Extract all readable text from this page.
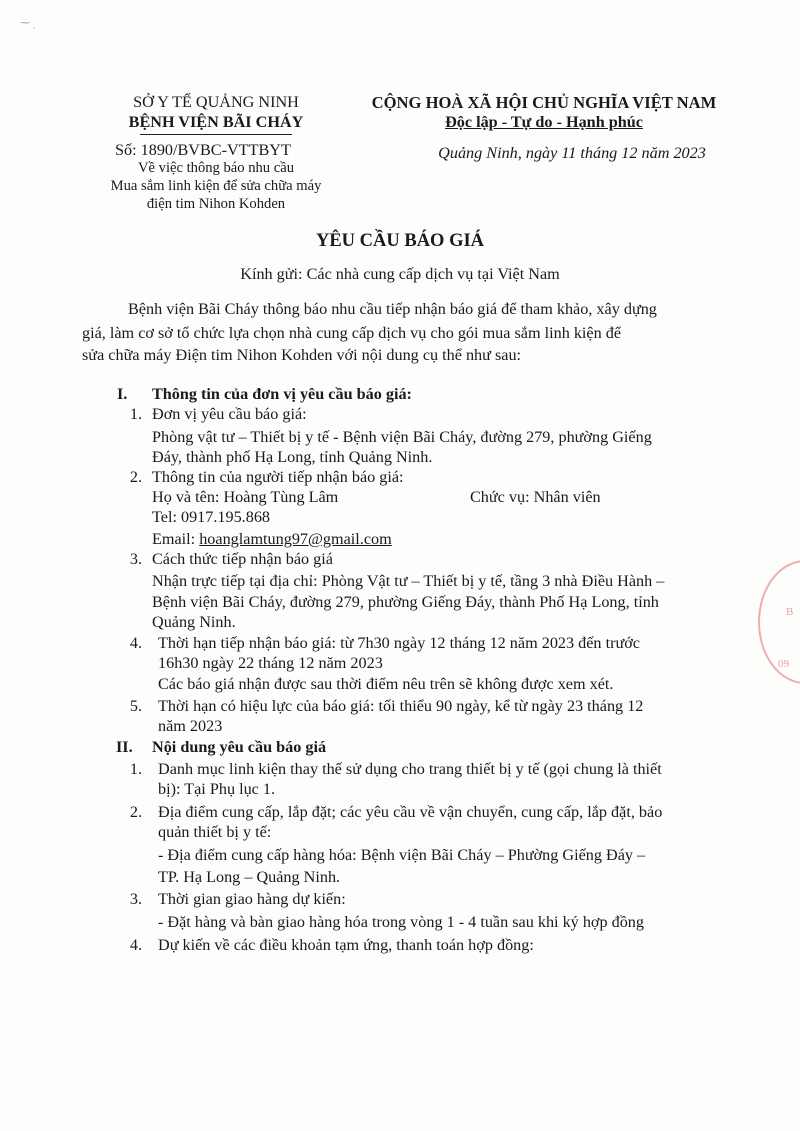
⁓ ˎ
B
09
SỞ Y TẾ QUẢNG NINH
BỆNH VIỆN BÃI CHÁY
Số: 1890/BVBC-VTTBYT
Về việc thông báo nhu cầu
Mua sắm linh kiện để sửa chữa máy
điện tim Nihon Kohden
CỘNG HOÀ XÃ HỘI CHỦ NGHĨA VIỆT NAM
Độc lập - Tự do - Hạnh phúc
Quảng Ninh, ngày 11 tháng 12 năm 2023
YÊU CẦU BÁO GIÁ
Kính gửi: Các nhà cung cấp dịch vụ tại Việt Nam
Bệnh viện Bãi Cháy thông báo nhu cầu tiếp nhận báo giá để tham khảo, xây dựng
giá, làm cơ sở tổ chức lựa chọn nhà cung cấp dịch vụ cho gói mua sắm linh kiện để
sửa chữa máy Điện tim Nihon Kohden với nội dung cụ thể như sau:
I. Thông tin của đơn vị yêu cầu báo giá:
1. Đơn vị yêu cầu báo giá:
Phòng vật tư – Thiết bị y tế - Bệnh viện Bãi Cháy, đường 279, phường Giếng
Đáy, thành phố Hạ Long, tỉnh Quảng Ninh.
2. Thông tin của người tiếp nhận báo giá:
Họ và tên: Hoàng Tùng Lâm	Chức vụ: Nhân viên
Tel: 0917.195.868
Email: hoanglamtung97@gmail.com
3. Cách thức tiếp nhận báo giá
Nhận trực tiếp tại địa chỉ: Phòng Vật tư – Thiết bị y tế, tầng 3 nhà Điều Hành –
Bệnh viện Bãi Cháy, đường 279, phường Giếng Đáy, thành Phố Hạ Long, tỉnh
Quảng Ninh.
4. Thời hạn tiếp nhận báo giá: từ 7h30 ngày 12 tháng 12 năm 2023 đến trước
16h30 ngày 22 tháng 12 năm 2023
Các báo giá nhận được sau thời điểm nêu trên sẽ không được xem xét.
5. Thời hạn có hiệu lực của báo giá: tối thiểu 90 ngày, kể từ ngày 23 tháng 12
năm 2023
II. Nội dung yêu cầu báo giá
1. Danh mục linh kiện thay thế sử dụng cho trang thiết bị y tế (gọi chung là thiết
bị): Tại Phụ lục 1.
2. Địa điểm cung cấp, lắp đặt; các yêu cầu về vận chuyển, cung cấp, lắp đặt, bảo
quản thiết bị y tế:
- Địa điểm cung cấp hàng hóa: Bệnh viện Bãi Cháy – Phường Giếng Đáy –
TP. Hạ Long – Quảng Ninh.
3. Thời gian giao hàng dự kiến:
- Đặt hàng và bàn giao hàng hóa trong vòng 1 - 4 tuần sau khi ký hợp đồng
4. Dự kiến về các điều khoản tạm ứng, thanh toán hợp đồng:
